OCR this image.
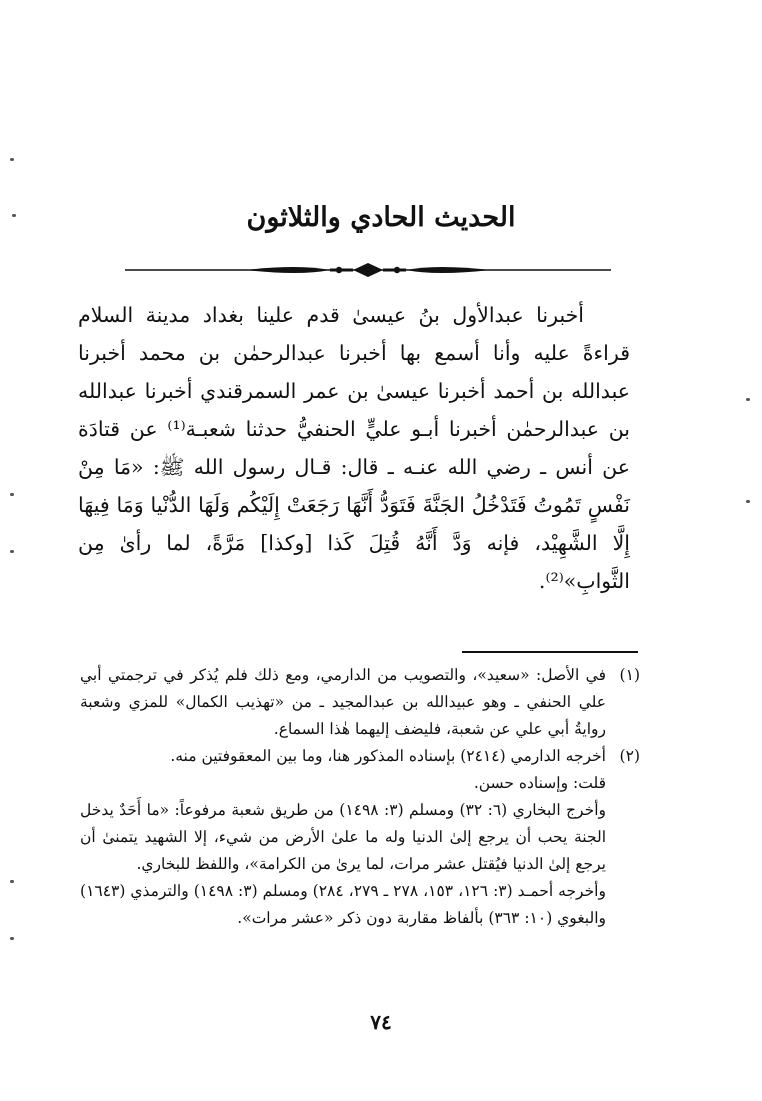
الحديث الحادي والثلاثون

أخبرنا عبدالأول بنُ عيسىٰ قدم علينا بغداد مدينة السلام قراءةً عليه وأنا أسمع بها أخبرنا عبدالرحمٰن بن محمد أخبرنا عبدالله بن أحمد أخبرنا عيسىٰ بن عمر السمرقندي أخبرنا عبدالله بن عبدالرحمٰن أخبرنا أبـو عليٍّ الحنفيُّ حدثنا شعبـة⁽¹⁾ عن قتادَة عن أنس ـ رضي الله عنـه ـ قال: قـال رسول الله ﷺ: «مَا مِنْ نَفْسٍ تَمُوتُ فَتَدْخُلُ الجَنَّةَ فَتَوَدُّ أَنَّهَا رَجَعَتْ إِلَيْكُم وَلَهَا الدُّنْيا وَمَا فِيهَا إِلَّا الشَّهِيْد، فإنه وَدَّ أَنَّهُ قُتِلَ كَذا [وكذا] مَرَّةً، لما رأىٰ مِن الثَّوابِ»⁽²⁾.

(١)
في الأصل: «سعيد»، والتصويب من الدارمي، ومع ذلك فلم يُذكر في ترجمتي أبي علي الحنفي ـ وهو عبيدالله بن عبدالمجيد ـ من «تهذيب الكمال» للمزي وشعبة روايةُ أبي علي عن شعبة، فليضف إليهما هٰذا السماع.
(٢)
أخرجه الدارمي (٢٤١٤) بإسناده المذكور هنا، وما بين المعقوفتين منه.

قلت: وإسناده حسن.

وأخرج البخاري (٦: ٣٢) ومسلم (٣: ١٤٩٨) من طريق شعبة مرفوعاً: «ما أَحَدٌ يدخل الجنة يحب أن يرجع إلىٰ الدنيا وله ما علىٰ الأرض من شيء، إلا الشهيد يتمنىٰ أن يرجع إلىٰ الدنيا فيُقتل عشر مرات، لما يرىٰ من الكرامة»، واللفظ للبخاري.

وأخرجه أحمـد (٣: ١٢٦، ١٥٣، ٢٧٨ ـ ٢٧٩، ٢٨٤) ومسلم (٣: ١٤٩٨) والترمذي (١٦٤٣) والبغوي (١٠: ٣٦٣) بألفاظ مقاربة دون ذكر «عشر مرات».

٧٤
